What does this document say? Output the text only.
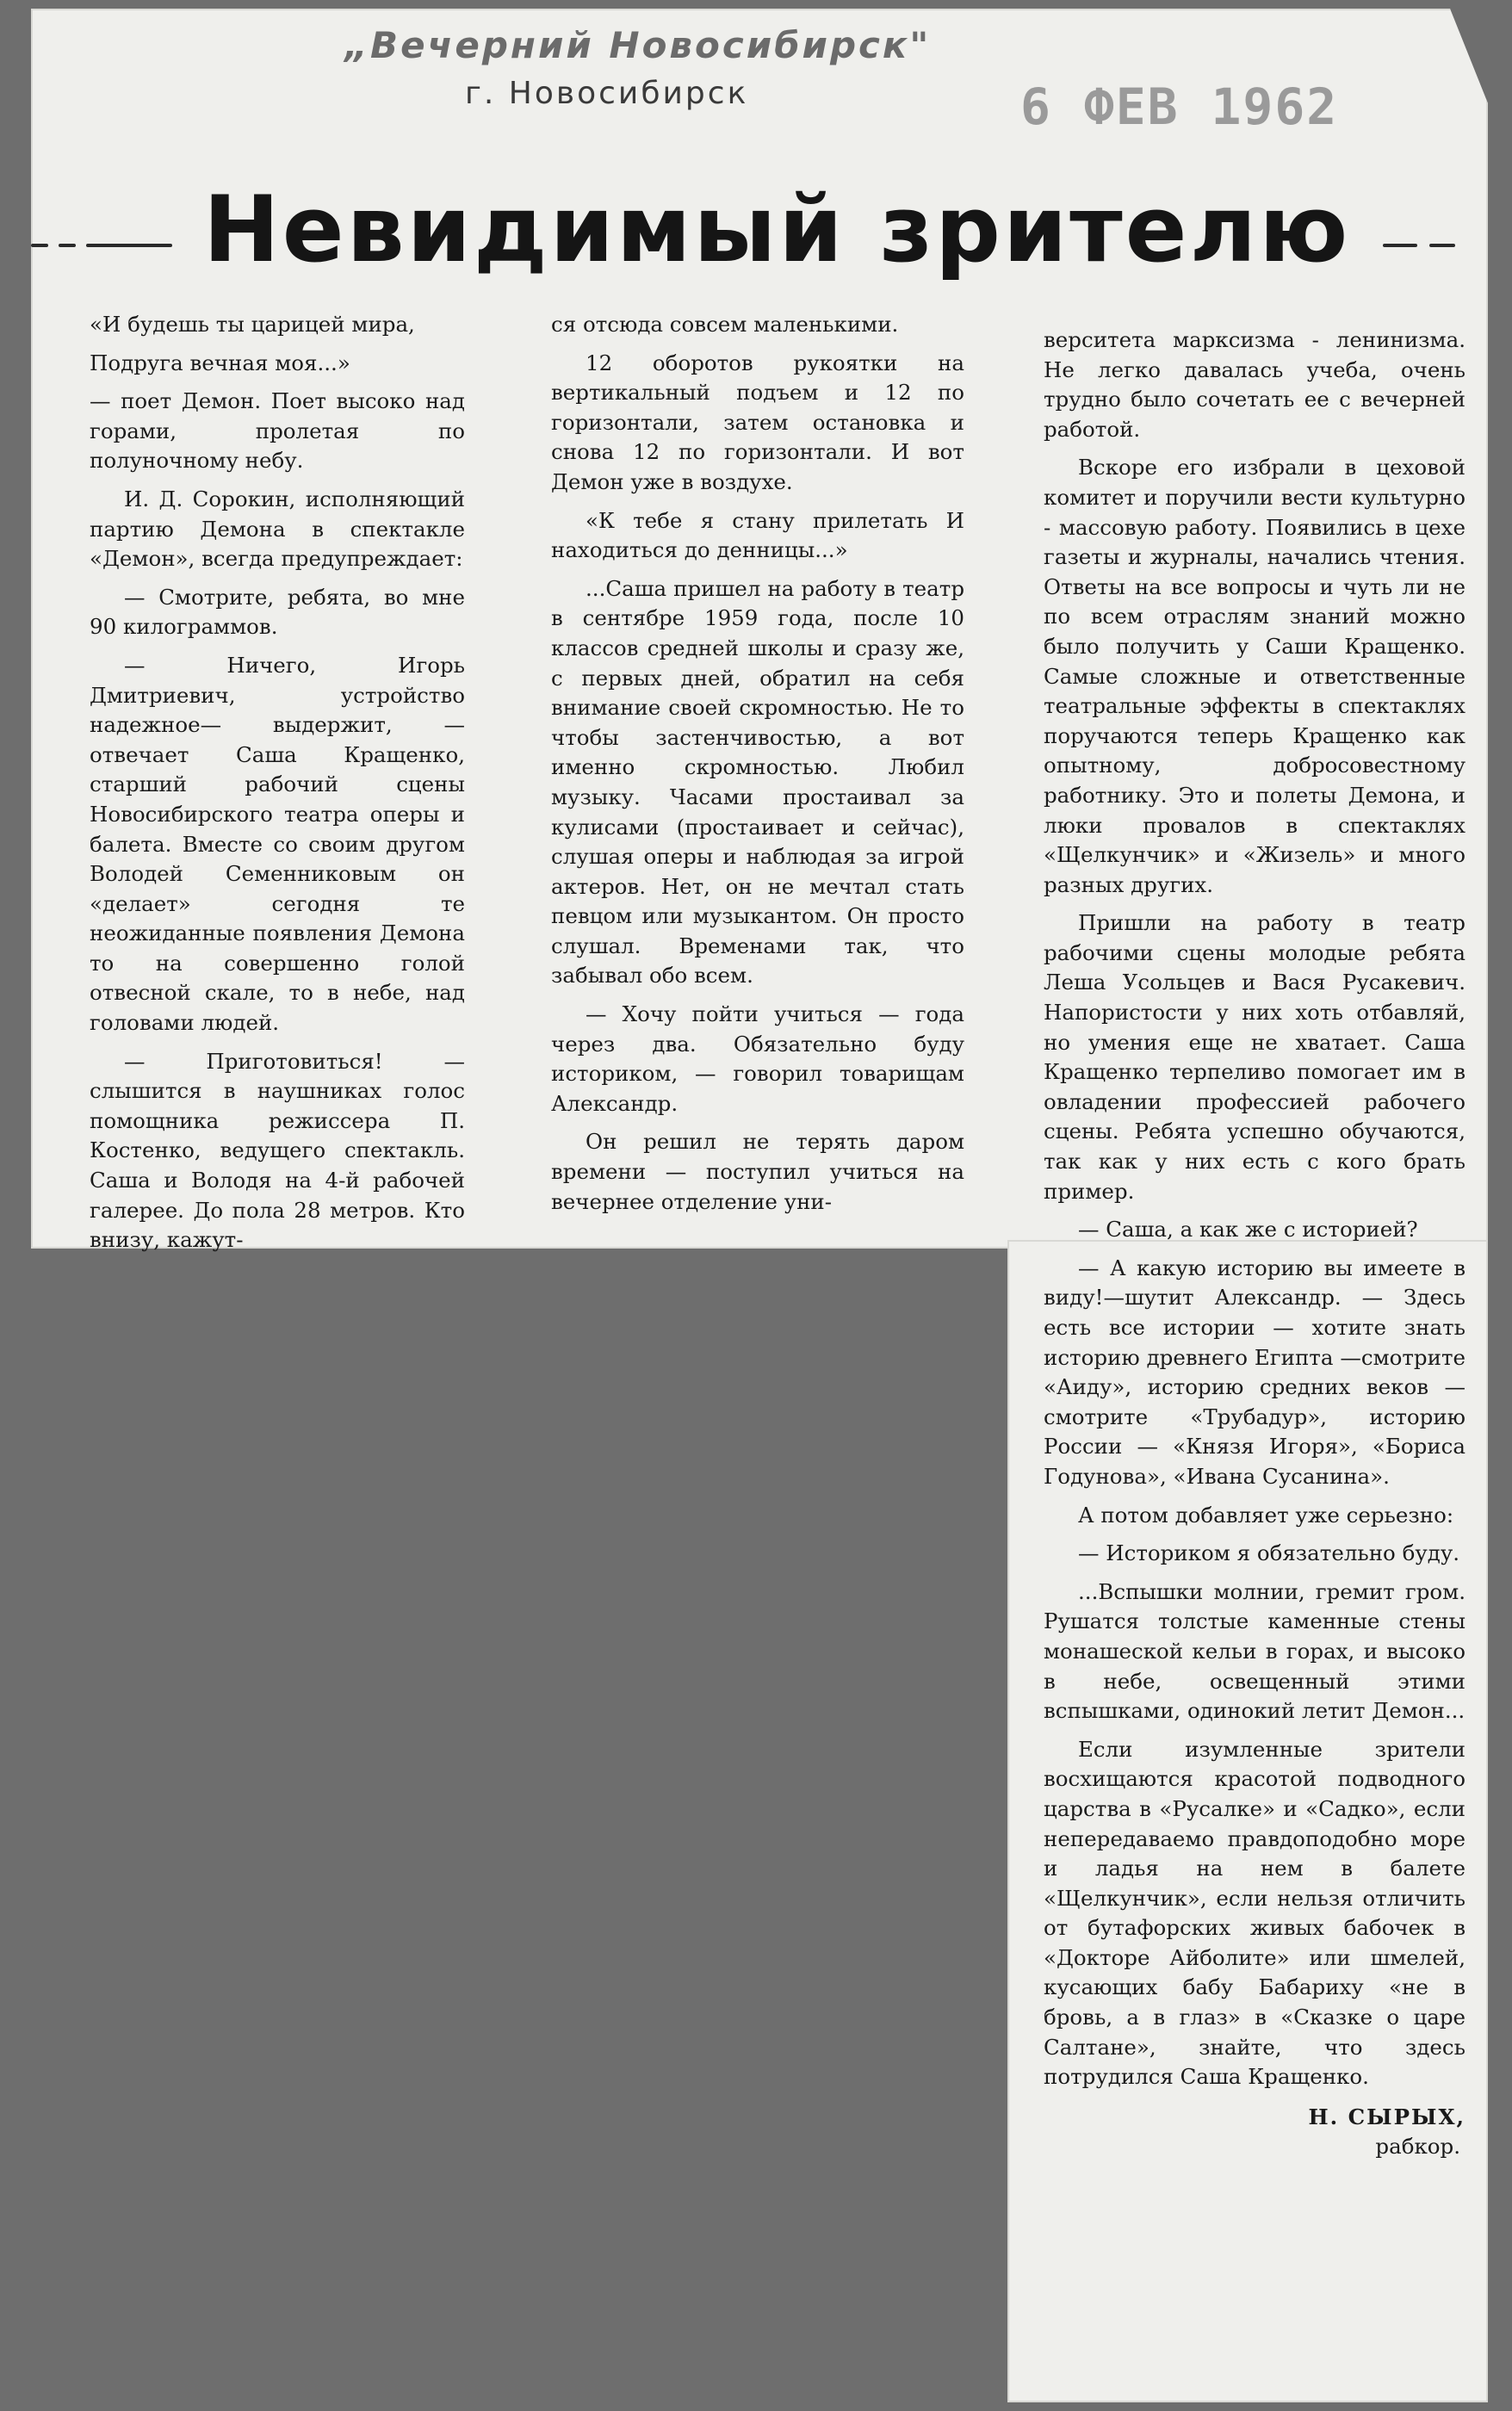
„Вечерний Новосибирск"
г. Новосибирск	6 ФЕВ 1962
Невидимый зрителю

«И будешь ты царицей мира,

Подруга вечная моя...»

— поет Демон. Поет высоко над горами, пролетая по полуночному небу.

И. Д. Сорокин, исполняющий партию Демона в спектакле «Демон», всегда предупреждает:

— Смотрите, ребята, во мне 90 килограммов.

— Ничего, Игорь Дмитриевич, устройство надежное— выдержит, — отвечает Саша Кращенко, старший рабочий сцены Новосибирского театра оперы и балета. Вместе со своим другом Володей Семенниковым он «делает» сегодня те неожиданные появления Демона то на совершенно голой отвесной скале, то в небе, над головами людей.

— Приготовиться! — слышится в наушниках голос помощника режиссера П. Костенко, ведущего спектакль. Саша и Володя на 4-й рабочей галерее. До пола 28 метров. Кто внизу, кажут-

ся отсюда совсем маленькими.

12 оборотов рукоятки на вертикальный подъем и 12 по горизонтали, затем остановка и снова 12 по горизонтали. И вот Демон уже в воздухе.

«К тебе я стану прилетать И находиться до денницы...»

...Саша пришел на работу в театр в сентябре 1959 года, после 10 классов средней школы и сразу же, с первых дней, обратил на себя внимание своей скромностью. Не то чтобы застенчивостью, а вот именно скромностью. Любил музыку. Часами простаивал за кулисами (простаивает и сейчас), слушая оперы и наблюдая за игрой актеров. Нет, он не мечтал стать певцом или музыкантом. Он просто слушал. Временами так, что забывал обо всем.

— Хочу пойти учиться — года через два. Обязательно буду историком, — говорил товарищам Александр.

Он решил не терять даром времени — поступил учиться на вечернее отделение уни-

верситета марксизма - ленинизма. Не легко давалась учеба, очень трудно было сочетать ее с вечерней работой.

Вскоре его избрали в цеховой комитет и поручили вести культурно - массовую работу. Появились в цехе газеты и журналы, начались чтения. Ответы на все вопросы и чуть ли не по всем отраслям знаний можно было получить у Саши Кращенко. Самые сложные и ответственные театральные эффекты в спектаклях поручаются теперь Кращенко как опытному, добросовестному работнику. Это и полеты Демона, и люки провалов в спектаклях «Щелкунчик» и «Жизель» и много разных других.

Пришли на работу в театр рабочими сцены молодые ребята Леша Усольцев и Вася Русакевич. Напористости у них хоть отбавляй, но умения еще не хватает. Саша Кращенко терпеливо помогает им в овладении профессией рабочего сцены. Ребята успешно обучаются, так как у них есть с кого брать пример.

— Саша, а как же с историей?

— А какую историю вы имеете в виду!—шутит Александр. — Здесь есть все истории — хотите знать историю древнего Египта —смотрите «Аиду», историю средних веков — смотрите «Трубадур», историю России — «Князя Игоря», «Бориса Годунова», «Ивана Сусанина».

А потом добавляет уже серьезно:

— Историком я обязательно буду.

...Вспышки молнии, гремит гром. Рушатся толстые каменные стены монашеской кельи в горах, и высоко в небе, освещенный этими вспышками, одинокий летит Демон...

Если изумленные зрители восхищаются красотой подводного царства в «Русалке» и «Садко», если непередаваемо правдоподобно море и ладья на нем в балете «Щелкунчик», если нельзя отличить от бутафорских живых бабочек в «Докторе Айболите» или шмелей, кусающих бабу Бабариху «не в бровь, а в глаз» в «Сказке о царе Салтане», знайте, что здесь потрудился Саша Кращенко.

Н. СЫРЫХ,
рабкор.
